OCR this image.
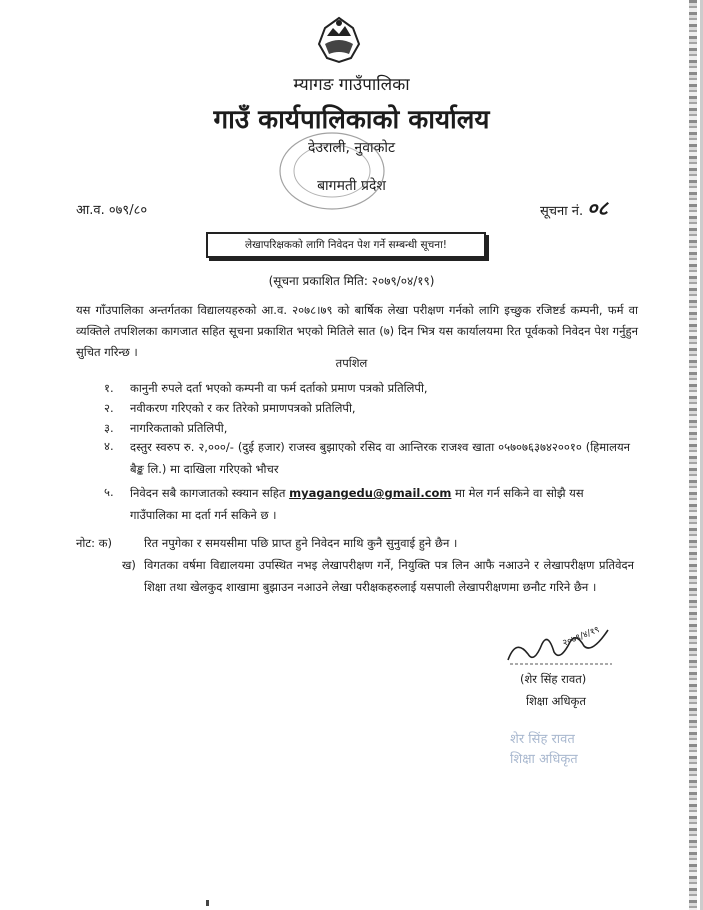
म्यागङ गाउँपालिका
गाउँ कार्यपालिकाको कार्यालय
देउराली, नुवाकोट
बागमती प्रदेश
आ.व. ०७९/८०	सूचना नं. ०८
लेखापरिक्षकको लागि निवेदन पेश गर्ने सम्बन्धी सूचना!
(सूचना प्रकाशित मिति: २०७९/०४/१९)
यस गाँउपालिका अन्तर्गतका विद्यालयहरुको आ.व. २०७८।७९ को बार्षिक लेखा परीक्षण गर्नको लागि इच्छुक रजिष्टर्ड कम्पनी, फर्म वा व्यक्तिले तपशिलका कागजात सहित सूचना प्रकाशित भएको मितिले सात (७) दिन भित्र यस कार्यालयमा रित पूर्वकको निवेदन पेश गर्नुहुन सुचित गरिन्छ ।
तपशिल
१. कानुनी रुपले दर्ता भएको कम्पनी वा फर्म दर्ताको प्रमाण पत्रको प्रतिलिपी,
२. नवीकरण गरिएको र कर तिरेको प्रमाणपत्रको प्रतिलिपी,
३. नागरिकताको प्रतिलिपी,
४. दस्तुर स्वरुप रु. २,०००/- (दुई हजार) राजस्व बुझाएको रसिद वा आन्तिरक राजश्व खाता ०५७०७६३७४२००१० (हिमालयन बैङ्क लि.) मा दाखिला गरिएको भौचर
५. निवेदन सबै कागजातको स्क्यान सहित myagangedu@gmail.com मा मेल गर्न सकिने वा सोझै यस गाउँपालिका मा दर्ता गर्न सकिने छ ।
नोट: क)	रित नपुगेका र समयसीमा पछि प्राप्त हुने निवेदन माथि कुनै सुनुवाई हुने छैन ।
ख) विगतका वर्षमा विद्यालयमा उपस्थित नभइ लेखापरीक्षण गर्ने, नियुक्ति पत्र लिन आफै नआउने र लेखापरीक्षण प्रतिवेदन शिक्षा तथा खेलकुद शाखामा बुझाउन नआउने लेखा परीक्षकहरुलाई यसपाली लेखापरीक्षणमा छनौट गरिने छैन ।
२०७९/४/१९
(शेर सिंह रावत)
शिक्षा अधिकृत
शेर सिंह रावत
शिक्षा अधिकृत
